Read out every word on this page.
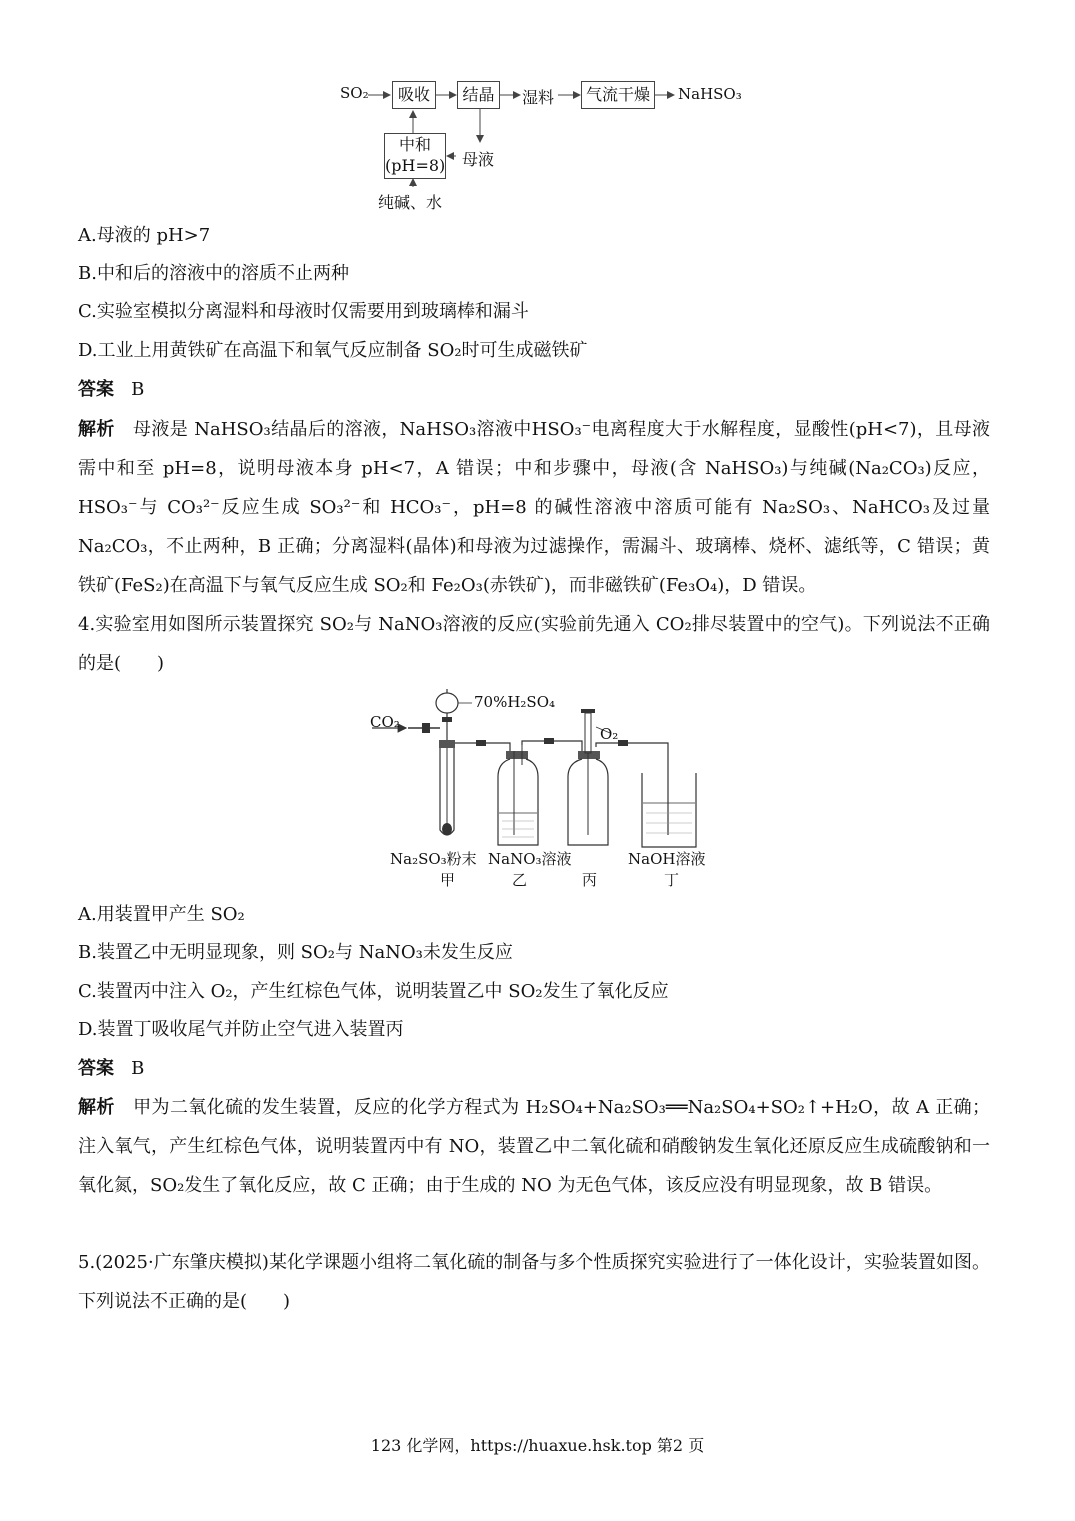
SO₂	吸收	结晶	湿料	气流干燥	NaHSO₃
中和
(pH=8) 母液
纯碱、水
A.母液的 pH>7
B.中和后的溶液中的溶质不止两种
C.实验室模拟分离湿料和母液时仅需要用到玻璃棒和漏斗
D.工业上用黄铁矿在高温下和氧气反应制备 SO₂时可生成磁铁矿
答案 B
解析 母液是 NaHSO₃结晶后的溶液，NaHSO₃溶液中HSO₃⁻电离程度大于水解程度，显酸性(pH<7)，且母液需中和至 pH=8，说明母液本身 pH<7，A 错误；中和步骤中，母液(含 NaHSO₃)与纯碱(Na₂CO₃)反应，HSO₃⁻与 CO₃²⁻反应生成 SO₃²⁻和 HCO₃⁻，pH=8 的碱性溶液中溶质可能有 Na₂SO₃、NaHCO₃及过量 Na₂CO₃，不止两种，B 正确；分离湿料(晶体)和母液为过滤操作，需漏斗、玻璃棒、烧杯、滤纸等，C 错误；黄铁矿(FeS₂)在高温下与氧气反应生成 SO₂和 Fe₂O₃(赤铁矿)，而非磁铁矿(Fe₃O₄)，D 错误。
4.实验室用如图所示装置探究 SO₂与 NaNO₃溶液的反应(实验前先通入 CO₂排尽装置中的空气)。下列说法不正确的是(　　)
CO₂
70%H₂SO₄
O₂
Na₂SO₃粉末 NaNO₃溶液	NaOH溶液
甲	乙	丙	丁
A.用装置甲产生 SO₂
B.装置乙中无明显现象，则 SO₂与 NaNO₃未发生反应
C.装置丙中注入 O₂，产生红棕色气体，说明装置乙中 SO₂发生了氧化反应
D.装置丁吸收尾气并防止空气进入装置丙
答案 B
解析 甲为二氧化硫的发生装置，反应的化学方程式为 H₂SO₄+Na₂SO₃══Na₂SO₄+SO₂↑+H₂O，故 A 正确；注入氧气，产生红棕色气体，说明装置丙中有 NO，装置乙中二氧化硫和硝酸钠发生氧化还原反应生成硫酸钠和一氧化氮，SO₂发生了氧化反应，故 C 正确；由于生成的 NO 为无色气体，该反应没有明显现象，故 B 错误。
5.(2025·广东肇庆模拟)某化学课题小组将二氧化硫的制备与多个性质探究实验进行了一体化设计，实验装置如图。下列说法不正确的是(　　)
123 化学网，https://huaxue.hsk.top 第2 页
